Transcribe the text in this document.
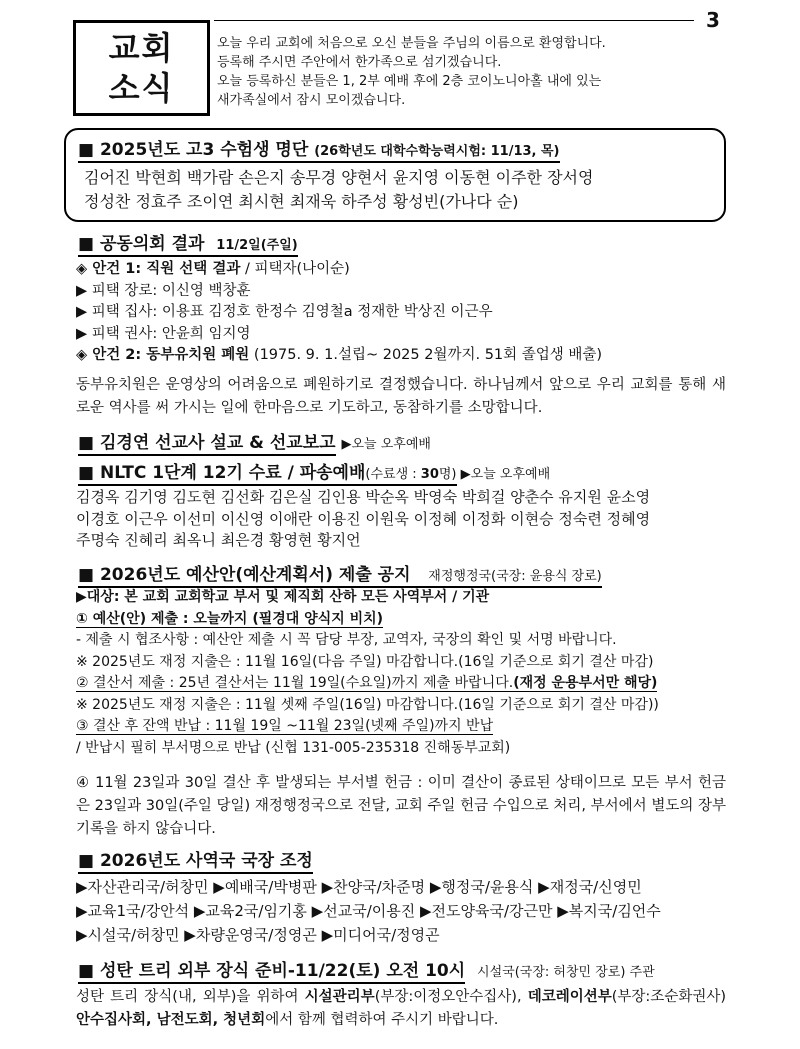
3
교회
소식
오늘 우리 교회에 처음으로 오신 분들을 주님의 이름으로 환영합니다.
등록해 주시면 주안에서 한가족으로 섬기겠습니다.
오늘 등록하신 분들은 1, 2부 예배 후에 2층 코이노니아홀 내에 있는
새가족실에서 잠시 모이겠습니다.
■ 2025년도 고3 수험생 명단 (26학년도 대학수학능력시험: 11/13, 목)
김어진 박현희 백가람 손은지 송무경 양현서 윤지영 이동현 이주한 장서영
정성찬 정효주 조이연 최시현 최재욱 하주성 황성빈(가나다 순)
■ 공동의회 결과 11/2일(주일)
◈ 안건 1: 직원 선택 결과 / 피택자(나이순)
▶ 피택 장로: 이신영 백창훈
▶ 피택 집사: 이용표 김정호 한정수 김영철a 정재한 박상진 이근우
▶ 피택 권사: 안윤희 임지영
◈ 안건 2: 동부유치원 폐원 (1975. 9. 1.설립~ 2025 2월까지. 51회 졸업생 배출)
동부유치원은 운영상의 어려움으로 폐원하기로 결정했습니다. 하나님께서 앞으로 우리 교회를 통해 새로운 역사를 써 가시는 일에 한마음으로 기도하고, 동참하기를 소망합니다.
■ 김경연 선교사 설교 & 선교보고 ▶오늘 오후예배
■ NLTC 1단계 12기 수료 / 파송예배(수료생 : 30명) ▶오늘 오후예배
김경옥 김기영 김도현 김선화 김은실 김인용 박순옥 박영숙 박희걸 양춘수 유지원 윤소영
이경호 이근우 이선미 이신영 이애란 이용진 이원욱 이정혜 이정화 이현승 정숙련 정혜영
주명숙 진혜리 최옥니 최은경 황영현 황지언
■ 2026년도 예산안(예산계획서) 제출 공지 재정행정국(국장: 윤용식 장로)
▶대상: 본 교회 교회학교 부서 및 제직회 산하 모든 사역부서 / 기관
① 예산(안) 제출 : 오늘까지 (필경대 양식지 비치)
- 제출 시 협조사항 : 예산안 제출 시 꼭 담당 부장, 교역자, 국장의 확인 및 서명 바랍니다.
※ 2025년도 재정 지출은 : 11월 16일(다음 주일) 마감합니다.(16일 기준으로 회기 결산 마감)
② 결산서 제출 : 25년 결산서는 11월 19일(수요일)까지 제출 바랍니다.(재정 운용부서만 해당)
※ 2025년도 재정 지출은 : 11월 셋째 주일(16일) 마감합니다.(16일 기준으로 회기 결산 마감))
③ 결산 후 잔액 반납 : 11월 19일 ~11월 23일(넷째 주일)까지 반납
/ 반납시 필히 부서명으로 반납 (신협 131-005-235318 진해동부교회)
④ 11월 23일과 30일 결산 후 발생되는 부서별 헌금 : 이미 결산이 종료된 상태이므로 모든 부서 헌금은 23일과 30일(주일 당일) 재정행정국으로 전달, 교회 주일 헌금 수입으로 처리, 부서에서 별도의 장부기록을 하지 않습니다.
■ 2026년도 사역국 국장 조정
▶자산관리국/허창민 ▶예배국/박병판 ▶찬양국/차준명 ▶행정국/윤용식 ▶재정국/신영민
▶교육1국/강안석 ▶교육2국/임기홍 ▶선교국/이용진 ▶전도양육국/강근만 ▶복지국/김언수
▶시설국/허창민 ▶차량운영국/정영곤 ▶미디어국/정영곤
■ 성탄 트리 외부 장식 준비-11/22(토) 오전 10시 시설국(국장: 허창민 장로) 주관
성탄 트리 장식(내, 외부)을 위하여 시설관리부(부장:이정오안수집사), 데코레이션부(부장:조순화권사) 안수집사회, 남전도회, 청년회에서 함께 협력하여 주시기 바랍니다.
